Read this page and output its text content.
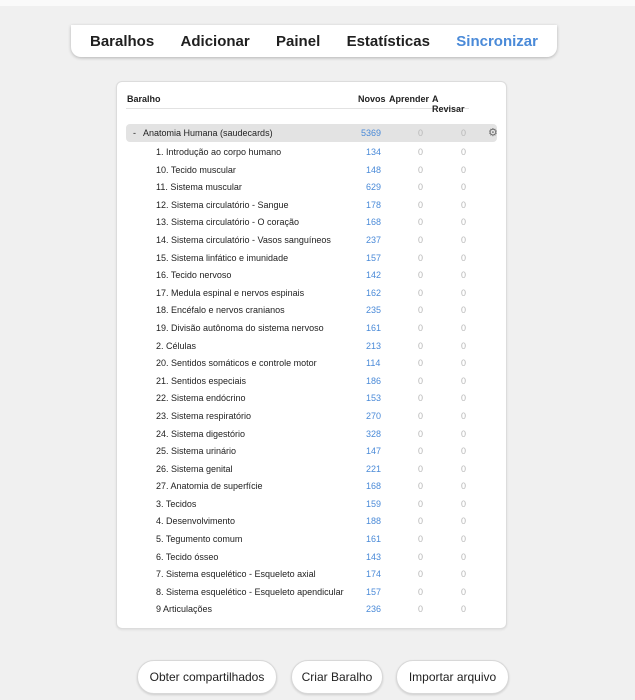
Baralhos Adicionar Painel Estatísticas Sincronizar
Baralho	Novos Aprender A Revisar
- Anatomia Humana (saudecards)	5369	0	0 ⚙
1. Introdução ao corpo humano	134	0	0
10. Tecido muscular	148	0	0
11. Sistema muscular	629	0	0
12. Sistema circulatório - Sangue	178	0	0
13. Sistema circulatório - O coração	168	0	0
14. Sistema circulatório - Vasos sanguíneos	237	0	0
15. Sistema linfático e imunidade	157	0	0
16. Tecido nervoso	142	0	0
17. Medula espinal e nervos espinais	162	0	0
18. Encéfalo e nervos cranianos	235	0	0
19. Divisão autônoma do sistema nervoso	161	0	0
2. Células	213	0	0
20. Sentidos somáticos e controle motor	114	0	0
21. Sentidos especiais	186	0	0
22. Sistema endócrino	153	0	0
23. Sistema respiratório	270	0	0
24. Sistema digestório	328	0	0
25. Sistema urinário	147	0	0
26. Sistema genital	221	0	0
27. Anatomia de superfície	168	0	0
3. Tecidos	159	0	0
4. Desenvolvimento	188	0	0
5. Tegumento comum	161	0	0
6. Tecido ósseo	143	0	0
7. Sistema esquelético - Esqueleto axial	174	0	0
8. Sistema esquelético - Esqueleto apendicular 157	0	0
9 Articulações	236	0	0
Obter compartilhados	Criar Baralho	Importar arquivo
